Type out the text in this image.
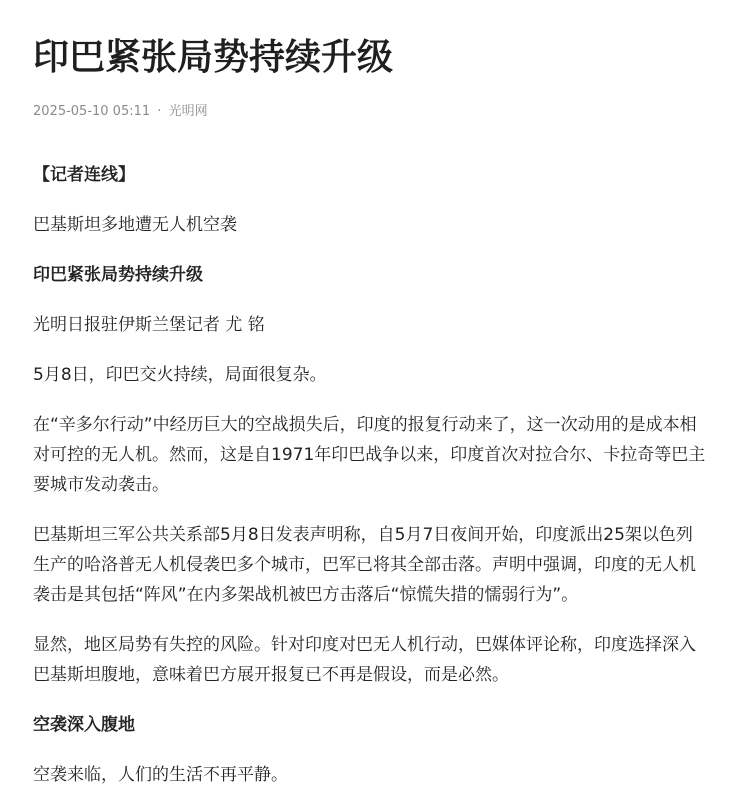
印巴紧张局势持续升级
2025-05-10 05:11 · 光明网

【记者连线】

巴基斯坦多地遭无人机空袭

印巴紧张局势持续升级

光明日报驻伊斯兰堡记者 尤 铭

5月8日，印巴交火持续，局面很复杂。

在“辛多尔行动”中经历巨大的空战损失后，印度的报复行动来了，这一次动用的是成本相对可控的无人机。然而，这是自1971年印巴战争以来，印度首次对拉合尔、卡拉奇等巴主要城市发动袭击。

巴基斯坦三军公共关系部5月8日发表声明称，自5月7日夜间开始，印度派出25架以色列生产的哈洛普无人机侵袭巴多个城市，巴军已将其全部击落。声明中强调，印度的无人机袭击是其包括“阵风”在内多架战机被巴方击落后“惊慌失措的懦弱行为”。

显然，地区局势有失控的风险。针对印度对巴无人机行动，巴媒体评论称，印度选择深入巴基斯坦腹地，意味着巴方展开报复已不再是假设，而是必然。

空袭深入腹地

空袭来临，人们的生活不再平静。
